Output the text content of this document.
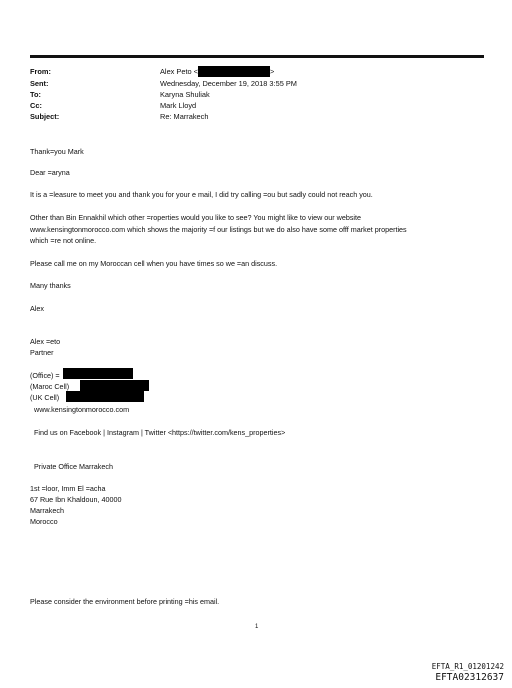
From:	Alex Peto <	>
Sent:	Wednesday, December 19, 2018 3:55 PM
To:	Karyna Shuliak
Cc:	Mark Lloyd
Subject:	Re: Marrakech
Thank=you Mark
Dear =aryna
It is a =leasure to meet you and thank you for your e mail, I did try calling =ou but sadly could not reach you.
Other than Bin Ennakhil which other =roperties would you like to see? You might like to view our website
www.kensingtonmorocco.com which shows the majority =f our listings but we do also have some offf market properties
which =re not online.
Please call me on my Moroccan cell when you have times so we =an discuss.
Many thanks
Alex
Alex =eto
Partner
(Office) =
(Maroc Cell)
(UK Cell)
www.kensingtonmorocco.com
Find us on Facebook | Instagram | Twitter <https://twitter.com/kens_properties>
Private Office Marrakech
1st =loor, Imm El =acha
67 Rue Ibn Khaldoun, 40000
Marrakech
Morocco
Please consider the environment before printing =his email.
1
EFTA_R1_01201242
EFTA02312637
